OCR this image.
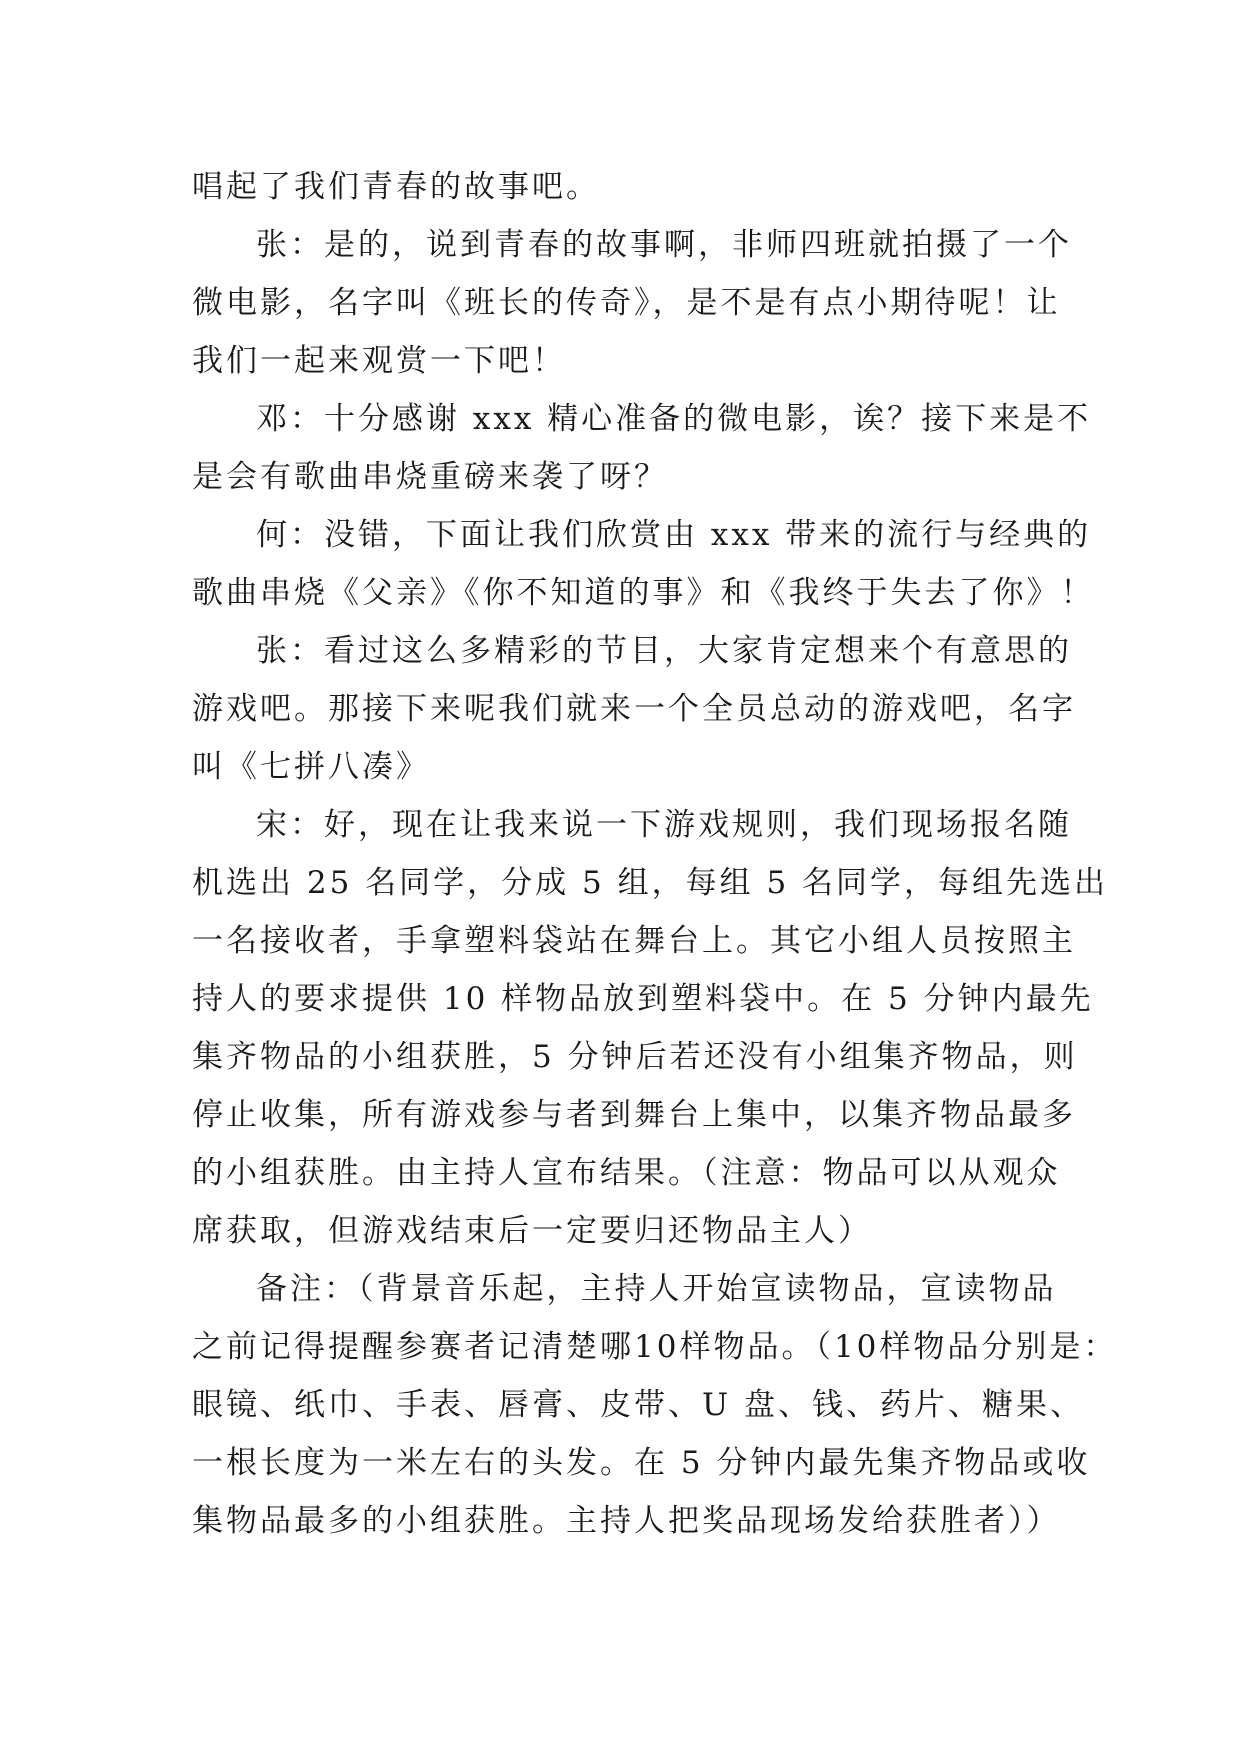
唱起了我们青春的故事吧。
张：是的，说到青春的故事啊，非师四班就拍摄了一个
微电影，名字叫《班长的传奇》，是不是有点小期待呢！让
我们一起来观赏一下吧！
邓：十分感谢 xxx 精心准备的微电影，诶？接下来是不
是会有歌曲串烧重磅来袭了呀？
何：没错，下面让我们欣赏由 xxx 带来的流行与经典的
歌曲串烧《父亲》《你不知道的事》和《我终于失去了你》！
张：看过这么多精彩的节目，大家肯定想来个有意思的
游戏吧。那接下来呢我们就来一个全员总动的游戏吧，名字
叫《七拼八凑》
宋：好，现在让我来说一下游戏规则，我们现场报名随
机选出 25 名同学，分成 5 组，每组 5 名同学，每组先选出
一名接收者，手拿塑料袋站在舞台上。其它小组人员按照主
持人的要求提供 10 样物品放到塑料袋中。在 5 分钟内最先
集齐物品的小组获胜，5 分钟后若还没有小组集齐物品，则
停止收集，所有游戏参与者到舞台上集中，以集齐物品最多
的小组获胜。由主持人宣布结果。（注意：物品可以从观众
席获取，但游戏结束后一定要归还物品主人）
备注：（背景音乐起，主持人开始宣读物品，宣读物品
之前记得提醒参赛者记清楚哪10样物品。（10样物品分别是：
眼镜、纸巾、手表、唇膏、皮带、U 盘、钱、药片、糖果、
一根长度为一米左右的头发。在 5 分钟内最先集齐物品或收
集物品最多的小组获胜。主持人把奖品现场发给获胜者））
